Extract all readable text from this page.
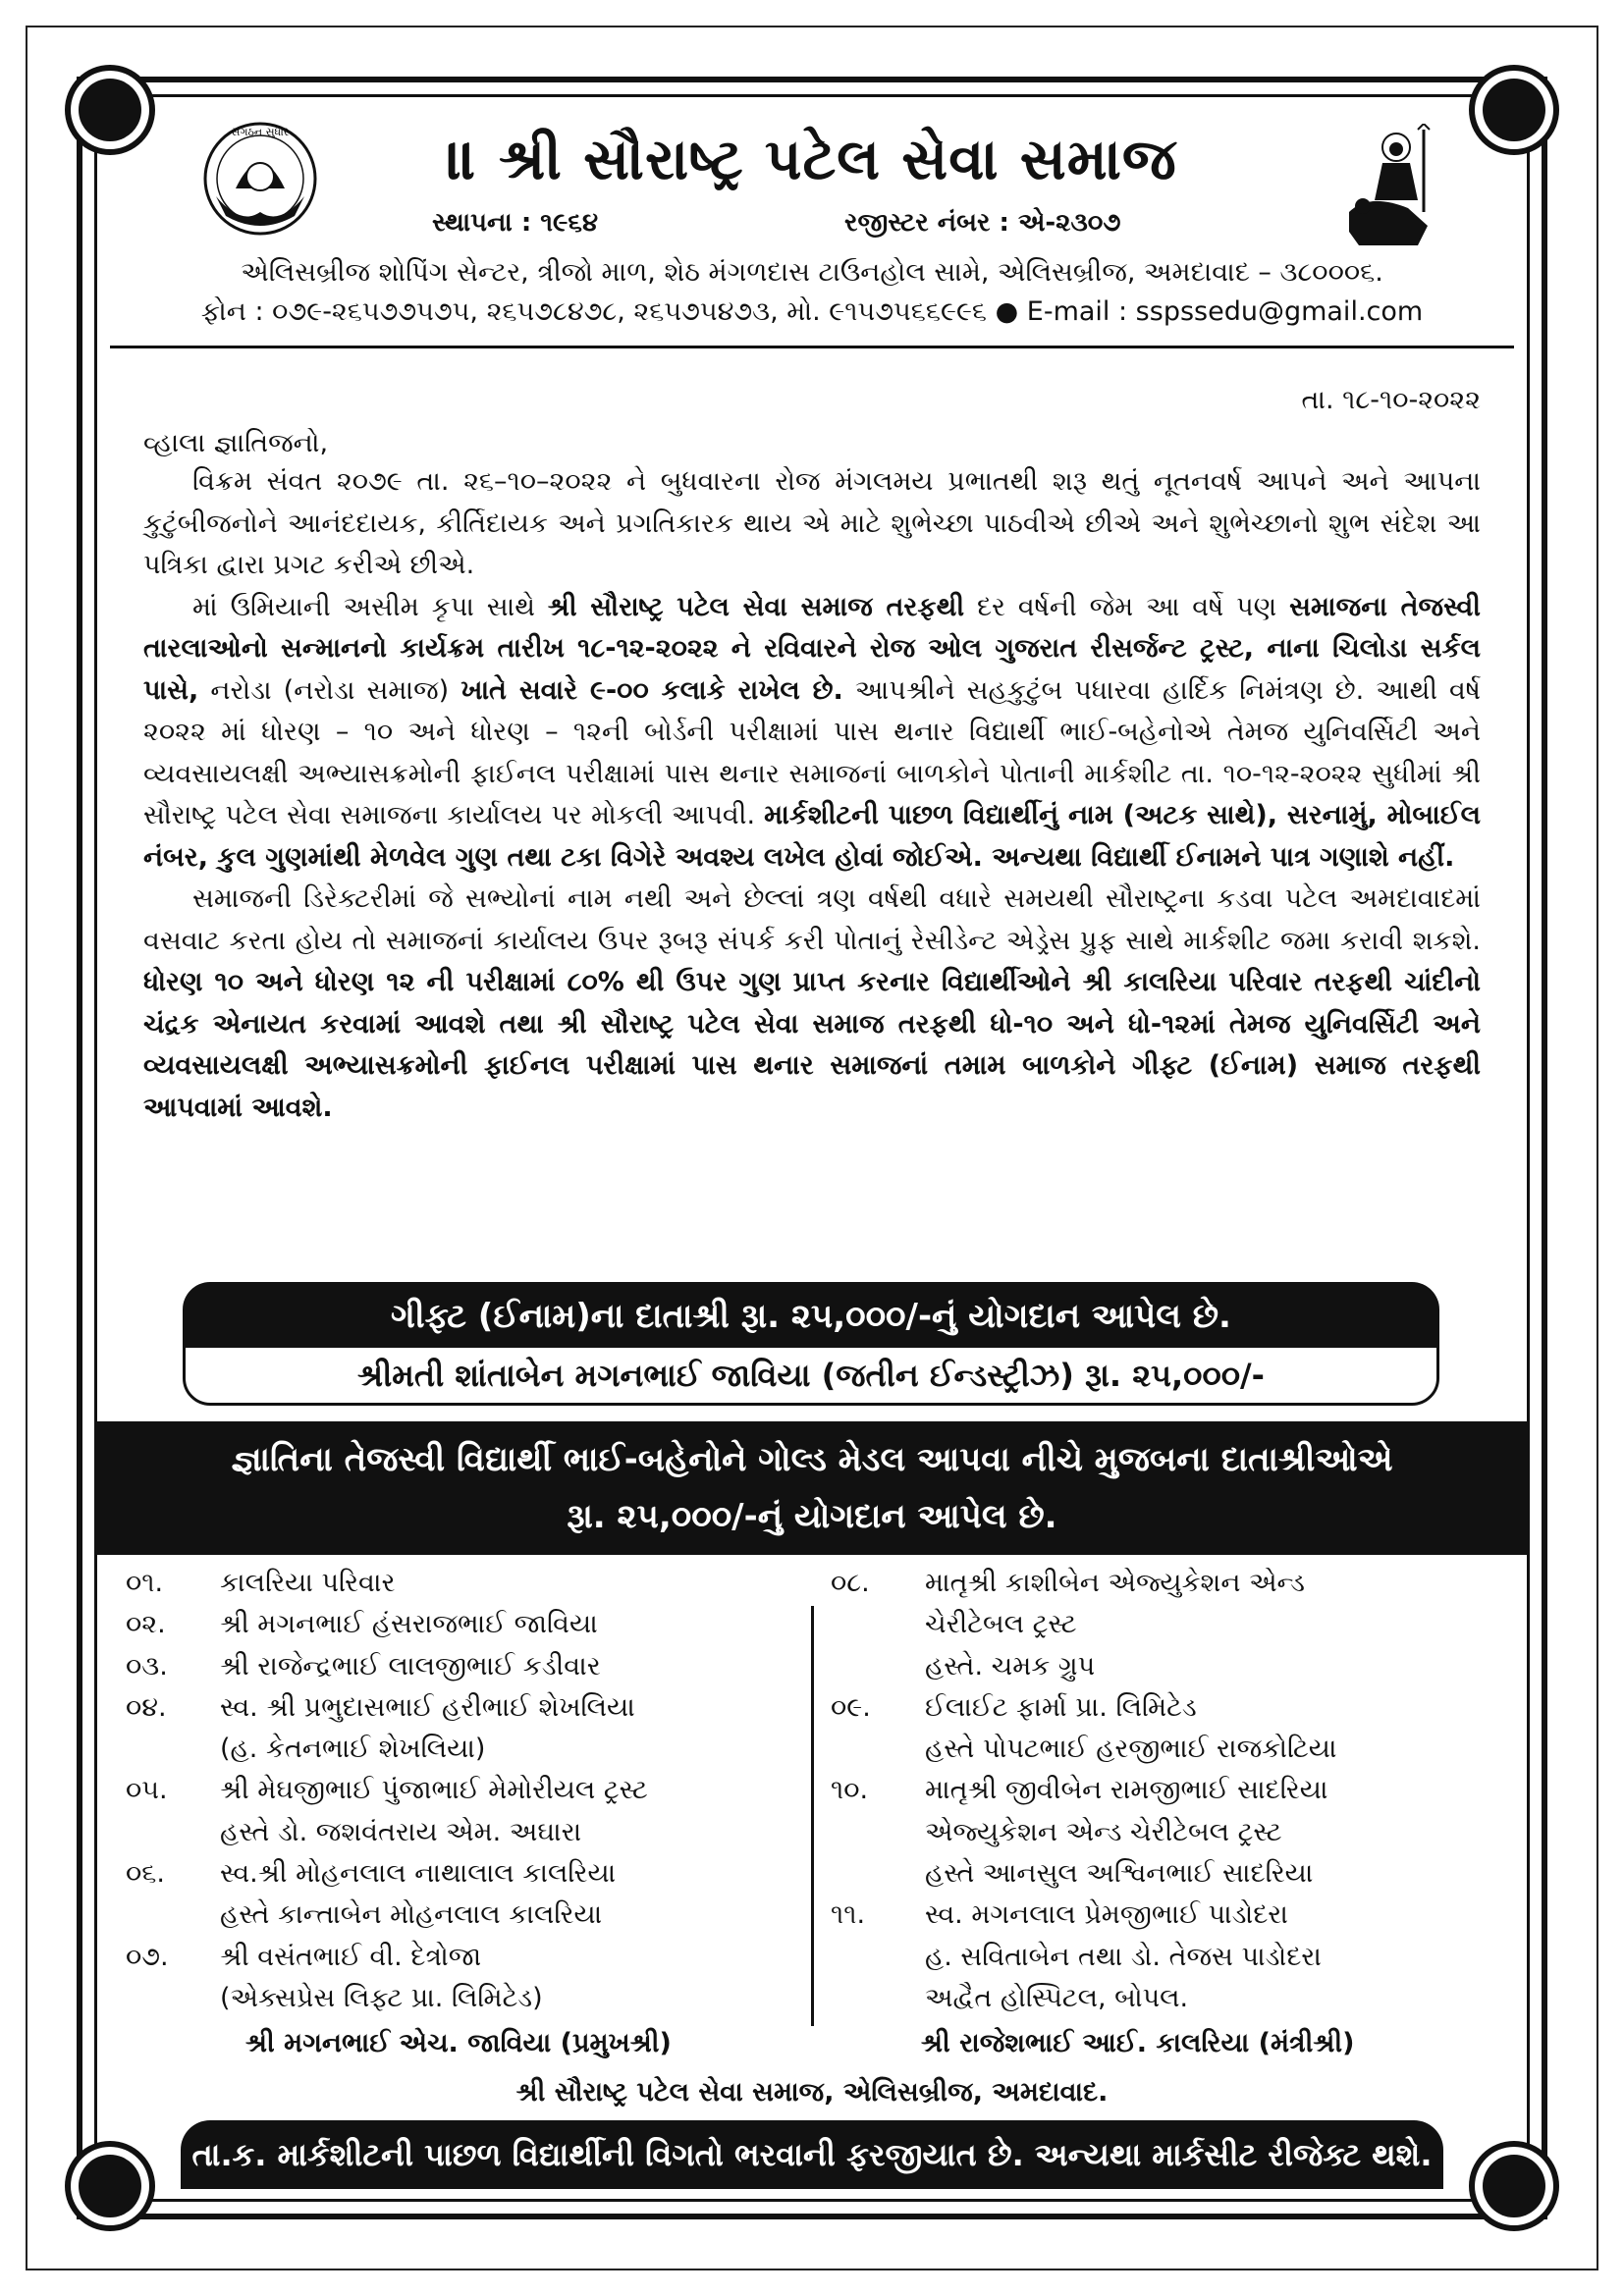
સંગઠન સુધાર	॥ શ્રી સૌરાષ્ટ્ર પટેલ સેવા સમાજ
સ્થાપના : ૧૯૬૪	રજીસ્ટર નંબર : એ-૨૩૦૭
એલિસબ્રીજ શોપિંગ સેન્ટર, ત્રીજો માળ, શેઠ મંગળદાસ ટાઉનહોલ સામે, એલિસબ્રીજ, અમદાવાદ – ૩૮૦૦૦૬.
ફોન : ૦૭૯-૨૬૫૭૭૫૭૫, ૨૬૫૭૮૪૭૮, ૨૬૫૭૫૪૭૩, મો. ૯૧૫૭૫૬૬૯૯૬ ● E-mail : sspssedu@gmail.com
તા. ૧૮-૧૦-૨૦૨૨
વ્હાલા જ્ઞાતિજનો,

વિક્રમ સંવત ૨૦૭૯ તા. ૨૬–૧૦–૨૦૨૨ ને બુધવારના રોજ મંગલમય પ્રભાતથી શરૂ થતું નૂતનવર્ષ આપને અને આપના કુટુંબીજનોને આનંદદાયક, કીર્તિદાયક અને પ્રગતિકારક થાય એ માટે શુભેચ્છા પાઠવીએ છીએ અને શુભેચ્છાનો શુભ સંદેશ આ પત્રિકા દ્વારા પ્રગટ કરીએ છીએ.

માં ઉમિયાની અસીમ કૃપા સાથે શ્રી સૌરાષ્ટ્ર પટેલ સેવા સમાજ તરફથી દર વર્ષની જેમ આ વર્ષે પણ સમાજના તેજસ્વી તારલાઓનો સન્માનનો કાર્યક્રમ તારીખ ૧૮-૧૨-૨૦૨૨ ને રવિવારને રોજ ઓલ ગુજરાત રીસર્જન્ટ ટ્રસ્ટ, નાના ચિલોડા સર્કલ પાસે, નરોડા (નરોડા સમાજ) ખાતે સવારે ૯-૦૦ કલાકે રાખેલ છે. આપશ્રીને સહકુટુંબ પધારવા હાર્દિક નિમંત્રણ છે. આથી વર્ષ ૨૦૨૨ માં ધોરણ – ૧૦ અને ધોરણ – ૧૨ની બોર્ડની પરીક્ષામાં પાસ થનાર વિદ્યાર્થી ભાઈ-બહેનોએ તેમજ યુનિવર્સિટી અને વ્યવસાયલક્ષી અભ્યાસક્રમોની ફાઈનલ પરીક્ષામાં પાસ થનાર સમાજનાં બાળકોને પોતાની માર્કશીટ તા. ૧૦-૧૨-૨૦૨૨ સુધીમાં શ્રી સૌરાષ્ટ્ર પટેલ સેવા સમાજના કાર્યાલય પર મોકલી આપવી. માર્કશીટની પાછળ વિદ્યાર્થીનું નામ (અટક સાથે), સરનામું, મોબાઈલ નંબર, કુલ ગુણમાંથી મેળવેલ ગુણ તથા ટકા વિગેરે અવશ્ય લખેલ હોવાં જોઈએ. અન્યથા વિદ્યાર્થી ઈનામને પાત્ર ગણાશે નહીં.

સમાજની ડિરેક્ટરીમાં જે સભ્યોનાં નામ નથી અને છેલ્લાં ત્રણ વર્ષથી વધારે સમયથી સૌરાષ્ટ્રના કડવા પટેલ અમદાવાદમાં વસવાટ કરતા હોય તો સમાજનાં કાર્યાલય ઉપર રૂબરૂ સંપર્ક કરી પોતાનું રેસીડેન્ટ એડ્રેસ પ્રુફ સાથે માર્કશીટ જમા કરાવી શકશે. ધોરણ ૧૦ અને ધોરણ ૧૨ ની પરીક્ષામાં ૮૦% થી ઉપર ગુણ પ્રાપ્ત કરનાર વિદ્યાર્થીઓને શ્રી કાલરિયા પરિવાર તરફથી ચાંદીનો ચંદ્રક એનાયત કરવામાં આવશે તથા શ્રી સૌરાષ્ટ્ર પટેલ સેવા સમાજ તરફથી ધો-૧૦ અને ધો-૧૨માં તેમજ યુનિવર્સિટી અને વ્યવસાયલક્ષી અભ્યાસક્રમોની ફાઈનલ પરીક્ષામાં પાસ થનાર સમાજનાં તમામ બાળકોને ગીફ્ટ (ઈનામ) સમાજ તરફથી આપવામાં આવશે.

ગીફ્ટ (ઈનામ)ના દાતાશ્રી રૂા. ૨૫,૦૦૦/-નું યોગદાન આપેલ છે.
શ્રીમતી શાંતાબેન મગનભાઈ જાવિયા (જતીન ઈન્ડસ્ટ્રીઝ) રૂા. ૨૫,૦૦૦/-
જ્ઞાતિના તેજસ્વી વિદ્યાર્થી ભાઈ-બહેનોને ગોલ્ડ મેડલ આપવા નીચે મુજબના દાતાશ્રીઓએ
રૂા. ૨૫,૦૦૦/-નું યોગદાન આપેલ છે.
૦૧.	કાલરિયા પરિવાર
૦૨.	શ્રી મગનભાઈ હંસરાજભાઈ જાવિયા
૦૩.	શ્રી રાજેન્દ્રભાઈ લાલજીભાઈ કડીવાર
૦૪.	સ્વ. શ્રી પ્રભુદાસભાઈ હરીભાઈ શેખલિયા
(હ. કેતનભાઈ શેખલિયા)
૦૫.	શ્રી મેઘજીભાઈ પુંજાભાઈ મેમોરીયલ ટ્રસ્ટ
હસ્તે ડો. જશવંતરાય એમ. અઘારા
૦૬.	સ્વ.શ્રી મોહનલાલ નાથાલાલ કાલરિયા
હસ્તે કાન્તાબેન મોહનલાલ કાલરિયા
૦૭.	શ્રી વસંતભાઈ વી. દેત્રોજા
(એક્સપ્રેસ લિફ્ટ પ્રા. લિમિટેડ)
૦૮.	માતૃશ્રી કાશીબેન એજ્યુકેશન એન્ડ
ચેરીટેબલ ટ્રસ્ટ
હસ્તે. ચમક ગ્રુપ
૦૯.	ઈલાઈટ ફાર્મા પ્રા. લિમિટેડ
હસ્તે પોપટભાઈ હરજીભાઈ રાજકોટિયા
૧૦.	માતૃશ્રી જીવીબેન રામજીભાઈ સાદરિયા
એજ્યુકેશન એન્ડ ચેરીટેબલ ટ્રસ્ટ
હસ્તે આનસુલ અશ્વિનભાઈ સાદરિયા
૧૧.	સ્વ. મગનલાલ પ્રેમજીભાઈ પાડોદરા
હ. સવિતાબેન તથા ડો. તેજસ પાડોદરા
અદ્વૈત હોસ્પિટલ, બોપલ.
શ્રી મગનભાઈ એચ. જાવિયા (પ્રમુખશ્રી)	શ્રી રાજેશભાઈ આઈ. કાલરિયા (મંત્રીશ્રી)
શ્રી સૌરાષ્ટ્ર પટેલ સેવા સમાજ, એલિસબ્રીજ, અમદાવાદ.
તા.ક. માર્કશીટની પાછળ વિદ્યાર્થીની વિગતો ભરવાની ફરજીયાત છે. અન્યથા માર્કસીટ રીજેક્ટ થશે.
